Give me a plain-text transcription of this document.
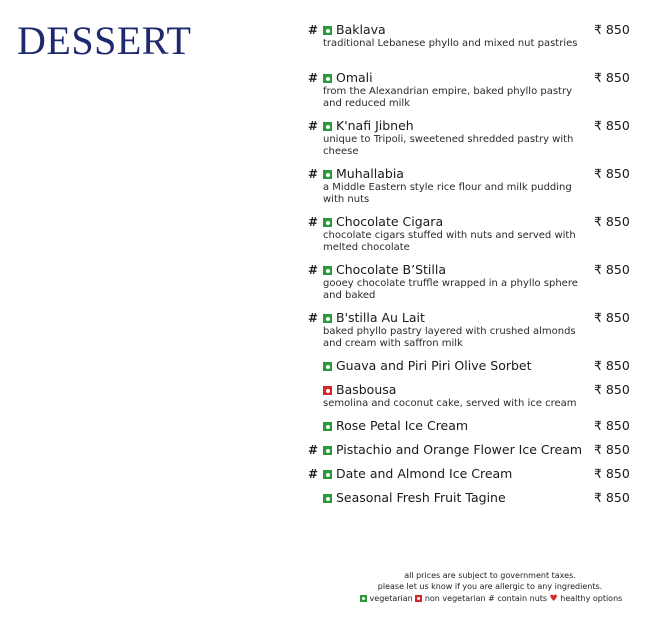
DESSERT	# Baklava
traditional Lebanese phyllo and mixed nut pastries
₹ 850
# Omali
from the Alexandrian empire, baked phyllo pastry and reduced milk
₹ 850
# K'nafi Jibneh
unique to Tripoli, sweetened shredded pastry with cheese
₹ 850
# Muhallabia
a Middle Eastern style rice flour and milk pudding with nuts
₹ 850
# Chocolate Cigara
chocolate cigars stuffed with nuts and served with melted chocolate
₹ 850
# Chocolate B’Stilla
gooey chocolate truffle wrapped in a phyllo sphere and baked
₹ 850
# B'stilla Au Lait
baked phyllo pastry layered with crushed almonds and cream with saffron milk
₹ 850
Guava and Piri Piri Olive Sorbet	₹ 850
Basbousa
semolina and coconut cake, served with ice cream
₹ 850
Rose Petal Ice Cream	₹ 850
# Pistachio and Orange Flower Ice Cream ₹ 850
# Date and Almond Ice Cream	₹ 850
Seasonal Fresh Fruit Tagine	₹ 850
all prices are subject to government taxes.
please let us know if you are allergic to any ingredients.
vegetarian non vegetarian # contain nuts ♥ healthy options
